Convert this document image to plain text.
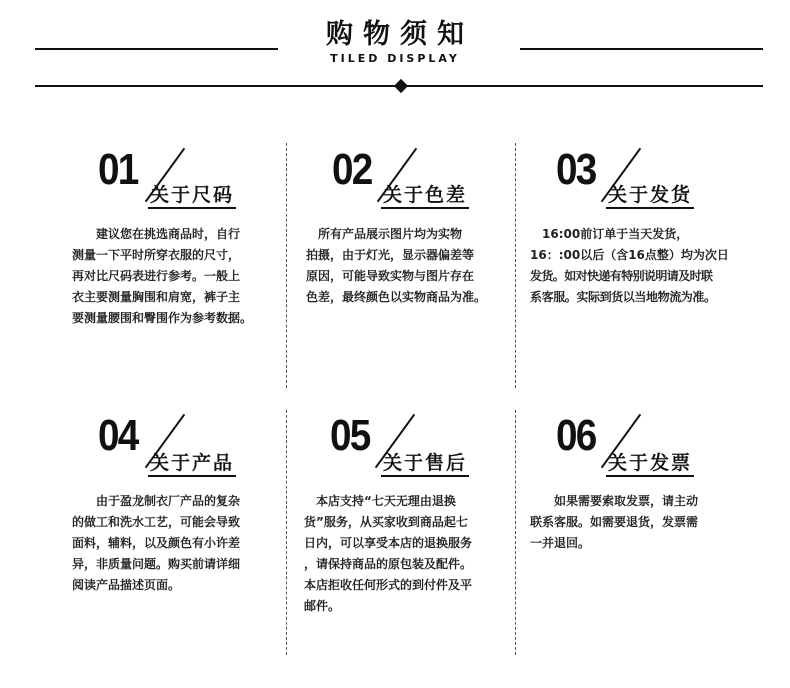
购物须知
TILED DISPLAY
01
关于尺码

　　建议您在挑选商品时，自行

测量一下平时所穿衣服的尺寸，

再对比尺码表进行参考。一般上

衣主要测量胸围和肩宽，裤子主

要测量腰围和臀围作为参考数据。

02
关于色差

　所有产品展示图片均为实物

拍摄，由于灯光，显示器偏差等

原因，可能导致实物与图片存在

色差，最终颜色以实物商品为准。

03
关于发货

　16:00前订单于当天发货，

16：:00以后（含16点整）均为次日

发货。如对快递有特别说明请及时联

系客服。实际到货以当地物流为准。

04
关于产品

　　由于盈龙制衣厂产品的复杂

的做工和洗水工艺，可能会导致

面料，辅料，以及颜色有小许差

异，非质量问题。购买前请详细

阅读产品描述页面。

05
关于售后

　本店支持“七天无理由退换

货”服务，从买家收到商品起七

日内，可以享受本店的退换服务

，请保持商品的原包装及配件。

本店拒收任何形式的到付件及平

邮件。

06
关于发票

　　如果需要索取发票，请主动

联系客服。如需要退货，发票需

一并退回。
